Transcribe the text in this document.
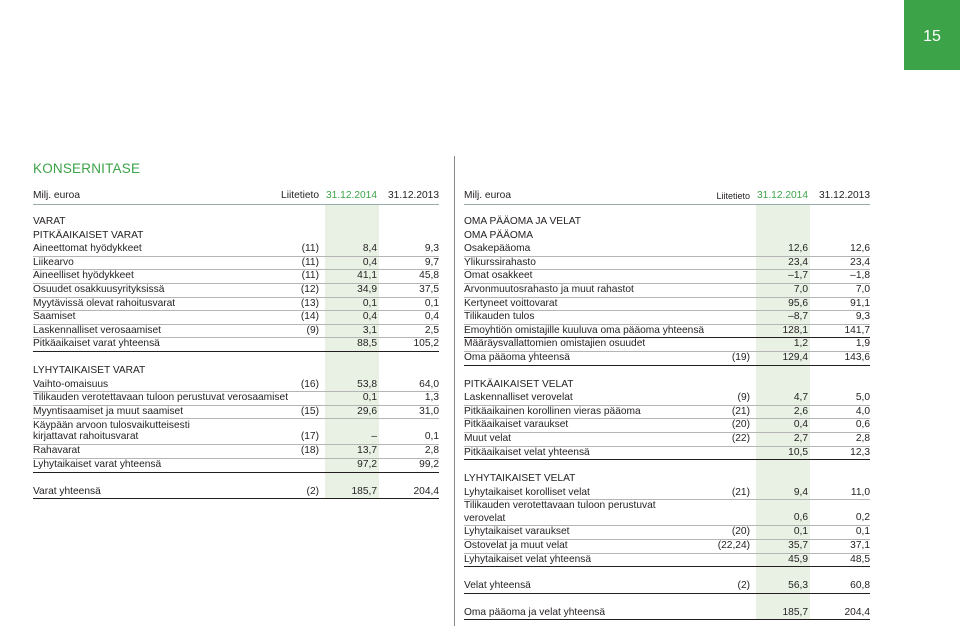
15
KONSERNITASE
Milj. euroa	Liitetieto 31.12.2014 31.12.2013
VARAT
PITKÄAIKAISET VARAT
Aineettomat hyödykkeet	(11)	8,4	9,3
Liikearvo	(11)	0,4	9,7
Aineelliset hyödykkeet	(11)	41,1	45,8
Osuudet osakkuusyrityksissä	(12)	34,9	37,5
Myytävissä olevat rahoitusvarat	(13)	0,1	0,1
Saamiset	(14)	0,4	0,4
Laskennalliset verosaamiset	(9)	3,1	2,5
Pitkäaikaiset varat yhteensä	88,5	105,2
LYHYTAIKAISET VARAT
Vaihto-omaisuus	(16)	53,8	64,0
Tilikauden verotettavaan tuloon perustuvat verosaamiset	0,1	1,3
Myyntisaamiset ja muut saamiset	(15)	29,6	31,0
Käypään arvoon tulosvaikutteisesti
kirjattavat rahoitusvarat	(17)	–	0,1
Rahavarat	(18)	13,7	2,8
Lyhytaikaiset varat yhteensä	97,2	99,2
Varat yhteensä	(2)	185,7	204,4
Milj. euroa	Liitetieto 31.12.2014 31.12.2013
OMA PÄÄOMA JA VELAT
OMA PÄÄOMA
Osakepääoma	12,6	12,6
Ylikurssirahasto	23,4	23,4
Omat osakkeet	–1,7	–1,8
Arvonmuutosrahasto ja muut rahastot	7,0	7,0
Kertyneet voittovarat	95,6	91,1
Tilikauden tulos	–8,7	9,3
Emoyhtiön omistajille kuuluva oma pääoma yhteensä	128,1	141,7
Määräysvallattomien omistajien osuudet	1,2	1,9
Oma pääoma yhteensä	(19)	129,4	143,6
PITKÄAIKAISET VELAT
Laskennalliset verovelat	(9)	4,7	5,0
Pitkäaikainen korollinen vieras pääoma	(21)	2,6	4,0
Pitkäaikaiset varaukset	(20)	0,4	0,6
Muut velat	(22)	2,7	2,8
Pitkäaikaiset velat yhteensä	10,5	12,3
LYHYTAIKAISET VELAT
Lyhytaikaiset korolliset velat	(21)	9,4	11,0
Tilikauden verotettavaan tuloon perustuvat
verovelat	0,6	0,2
Lyhytaikaiset varaukset	(20)	0,1	0,1
Ostovelat ja muut velat	(22,24)	35,7	37,1
Lyhytaikaiset velat yhteensä	45,9	48,5
Velat yhteensä	(2)	56,3	60,8
Oma pääoma ja velat yhteensä	185,7	204,4
